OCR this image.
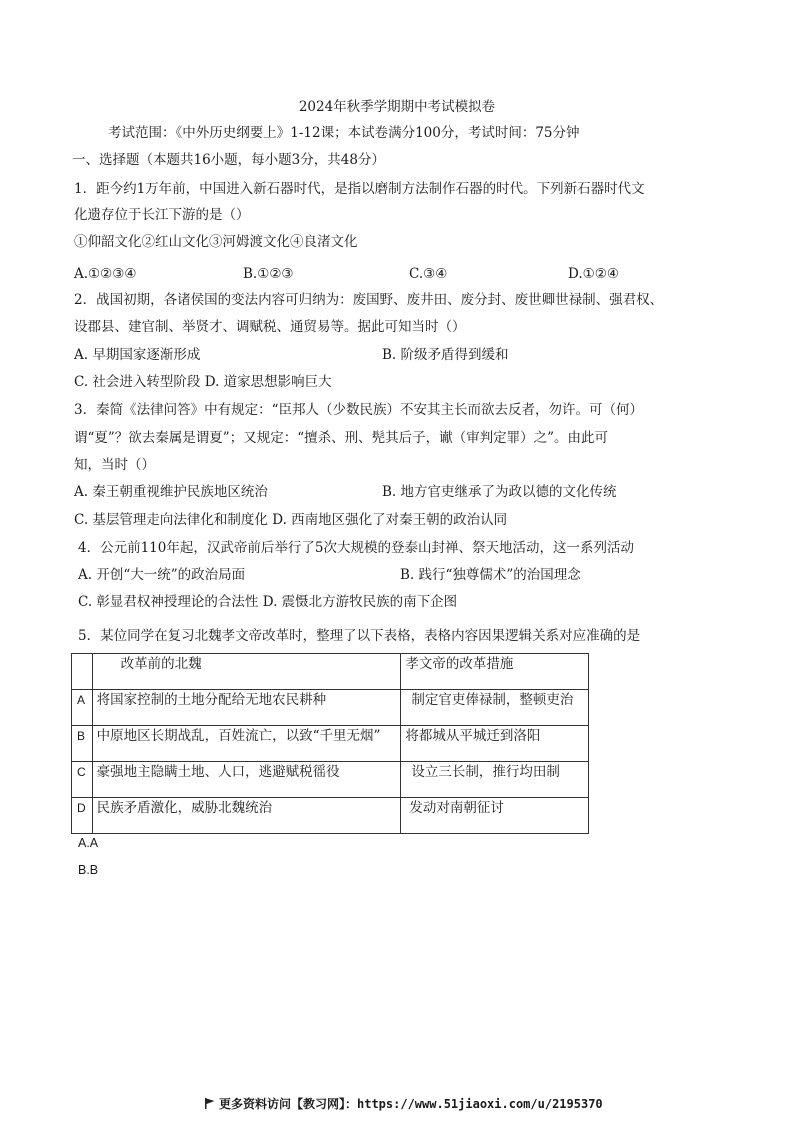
2024年秋季学期期中考试模拟卷
考试范围：《中外历史纲要上》1-12课；本试卷满分100分，考试时间：75分钟
一、选择题（本题共16小题，每小题3分，共48分）
1．距今约1万年前，中国进入新石器时代，是指以磨制方法制作石器的时代。下列新石器时代文
化遗存位于长江下游的是（）
①仰韶文化②红山文化③河姆渡文化④良渚文化
A.①②③④	B.①②③	C.③④	D.①②④
2．战国初期，各诸侯国的变法内容可归纳为：废国野、废井田、废分封、废世卿世禄制、强君权、
设郡县、建官制、举贤才、调赋税、通贸易等。据此可知当时（）
A. 早期国家逐渐形成	B. 阶级矛盾得到缓和
C. 社会进入转型阶段 D. 道家思想影响巨大
3．秦简《法律问答》中有规定：“臣邦人（少数民族）不安其主长而欲去反者，勿许。可（何）
谓“夏”？欲去秦属是谓夏”；又规定：“擅杀、刑、髡其后子，谳（审判定罪）之”。由此可
知，当时（）
A. 秦王朝重视维护民族地区统治	B. 地方官吏继承了为政以德的文化传统
C. 基层管理走向法律化和制度化 D. 西南地区强化了对秦王朝的政治认同
4．公元前110年起，汉武帝前后举行了5次大规模的登泰山封禅、祭天地活动，这一系列活动
A. 开创“大一统”的政治局面	B. 践行“独尊儒术”的治国理念
C. 彰显君权神授理论的合法性 D. 震慑北方游牧民族的南下企图
5．某位同学在复习北魏孝文帝改革时，整理了以下表格，表格内容因果逻辑关系对应准确的是
	改革前的北魏	孝文帝的改革措施
A	将国家控制的土地分配给无地农民耕种	制定官吏俸禄制，整顿吏治
B	中原地区长期战乱，百姓流亡，以致“千里无烟”	将都城从平城迁到洛阳
C	豪强地主隐瞒土地、人口，逃避赋税徭役	设立三长制，推行均田制
D	民族矛盾激化，威胁北魏统治	发动对南朝征讨
A.A
B.B
更多资料访问【教习网】：https://www.51jiaoxi.com/u/2195370
